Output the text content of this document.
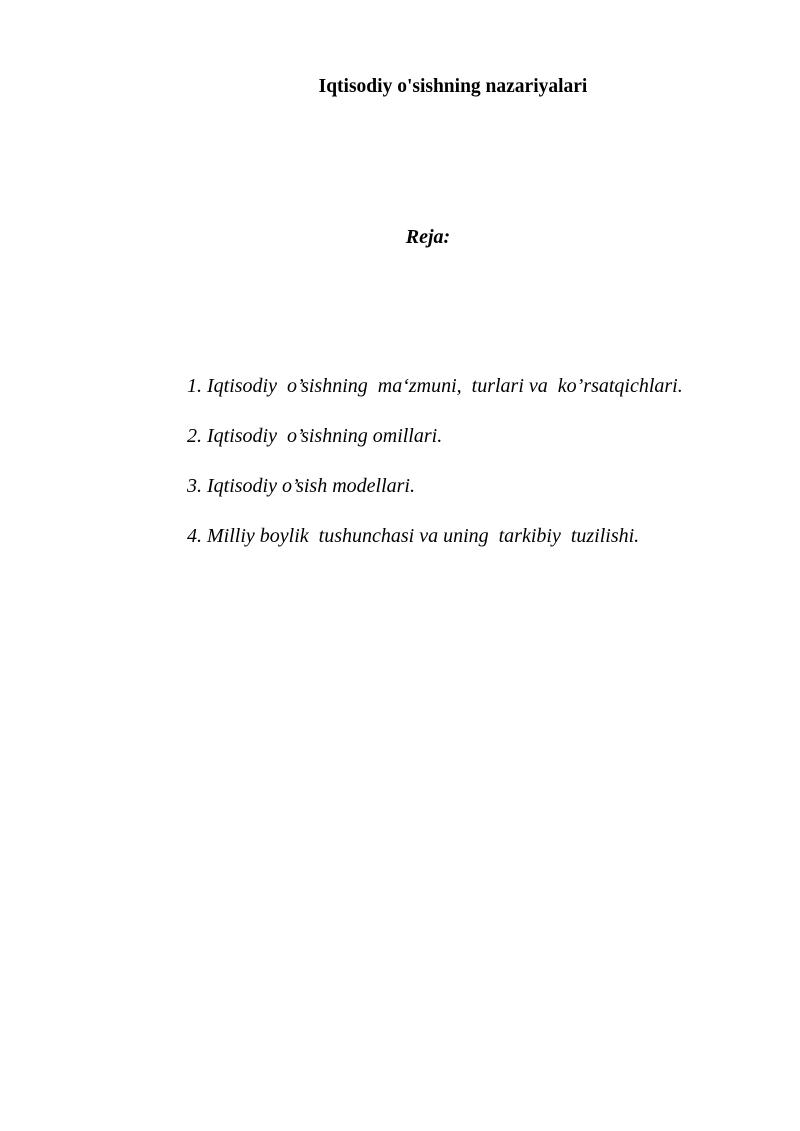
Iqtisodiy o'sishning nazariyalari
Reja:
1. Iqtisodiy  o’sishning  ma‘zmuni,  turlari va  ko’rsatqichlari.
2. Iqtisodiy  o’sishning omillari.
3. Iqtisodiy o’sish modellari.
4. Milliy boylik  tushunchasi va uning  tarkibiy  tuzilishi.
